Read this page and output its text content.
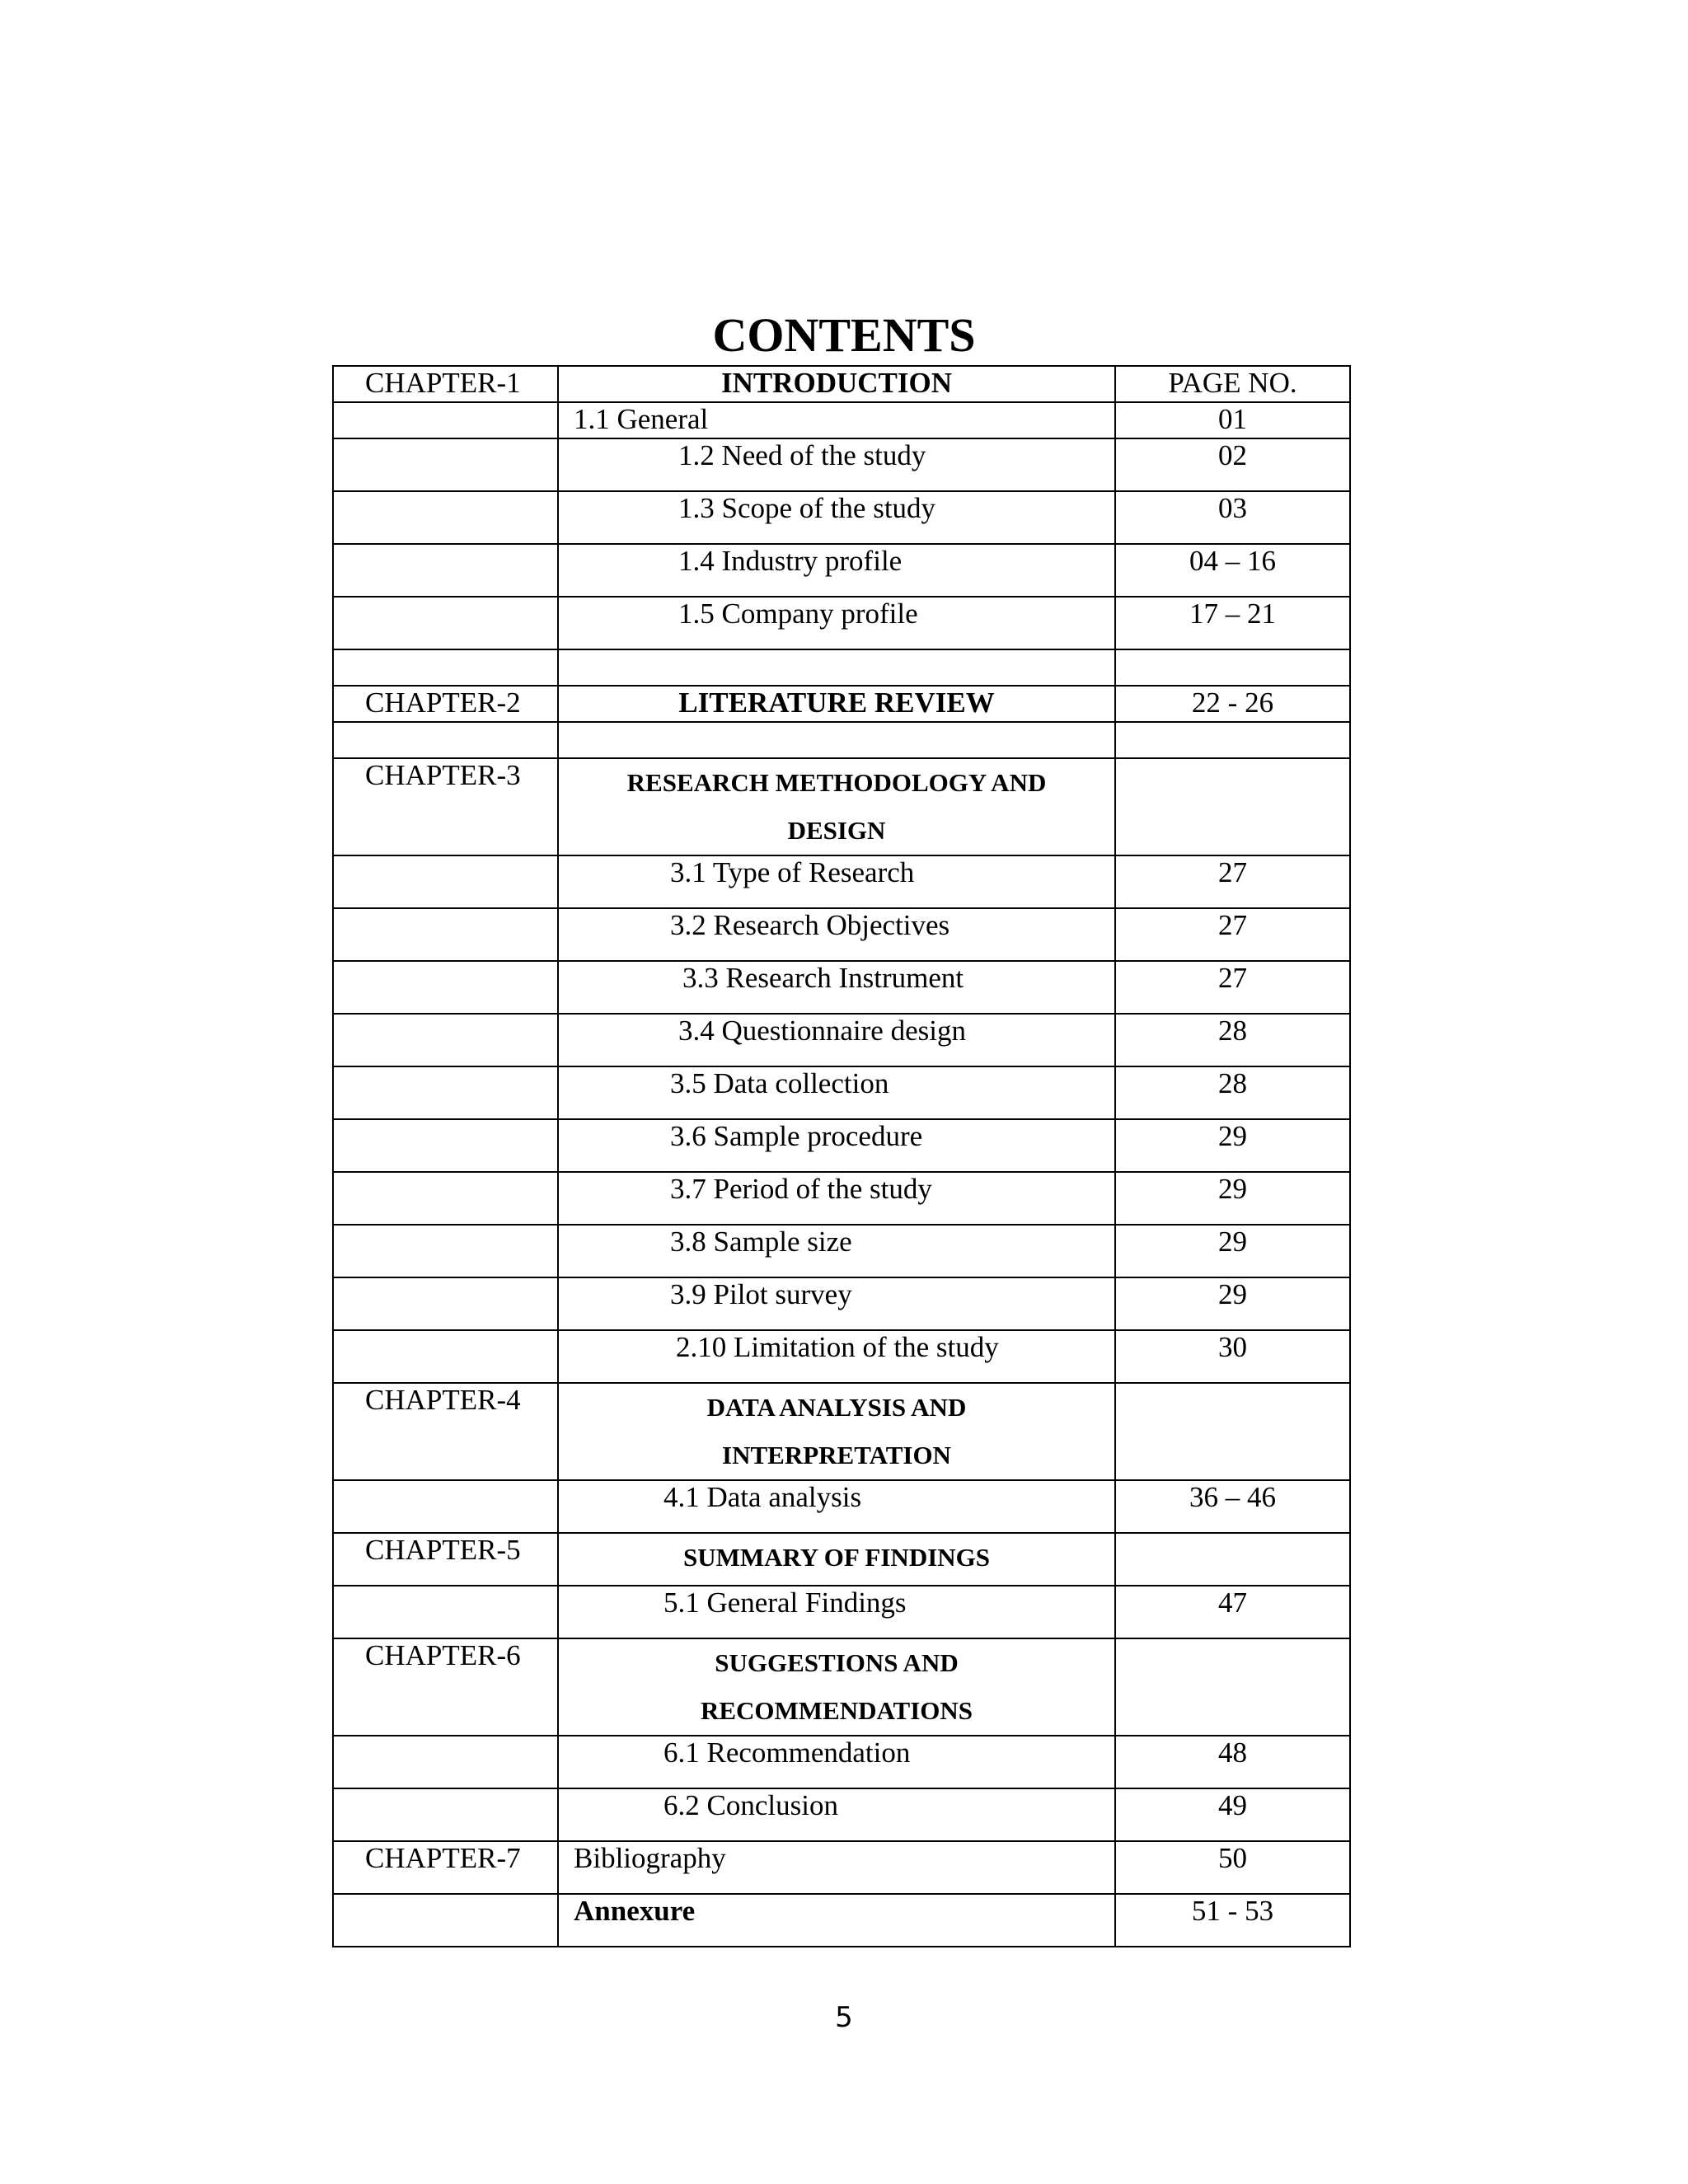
CONTENTS
CHAPTER-1	INTRODUCTION	PAGE NO.
	1.1 General	01
	1.2 Need of the study	02
	1.3 Scope of the study	03
	1.4 Industry profile	04 – 16
	1.5 Company profile	17 – 21

CHAPTER-2	LITERATURE REVIEW	22 - 26

CHAPTER-3	RESEARCH METHODOLOGY AND DESIGN	
	3.1 Type of Research	27
	3.2 Research Objectives	27
	3.3 Research Instrument	27
	3.4 Questionnaire design	28
	3.5 Data collection	28
	3.6 Sample procedure	29
	3.7 Period of the study	29
	3.8 Sample size	29
	3.9 Pilot survey	29
	2.10 Limitation of the study	30
CHAPTER-4	DATA ANALYSIS AND INTERPRETATION	
	4.1 Data analysis	36 – 46
CHAPTER-5	SUMMARY OF FINDINGS	
	5.1 General Findings	47
CHAPTER-6	SUGGESTIONS AND RECOMMENDATIONS	
	6.1 Recommendation	48
	6.2 Conclusion	49
CHAPTER-7	Bibliography	50
	Annexure	51 - 53
5
